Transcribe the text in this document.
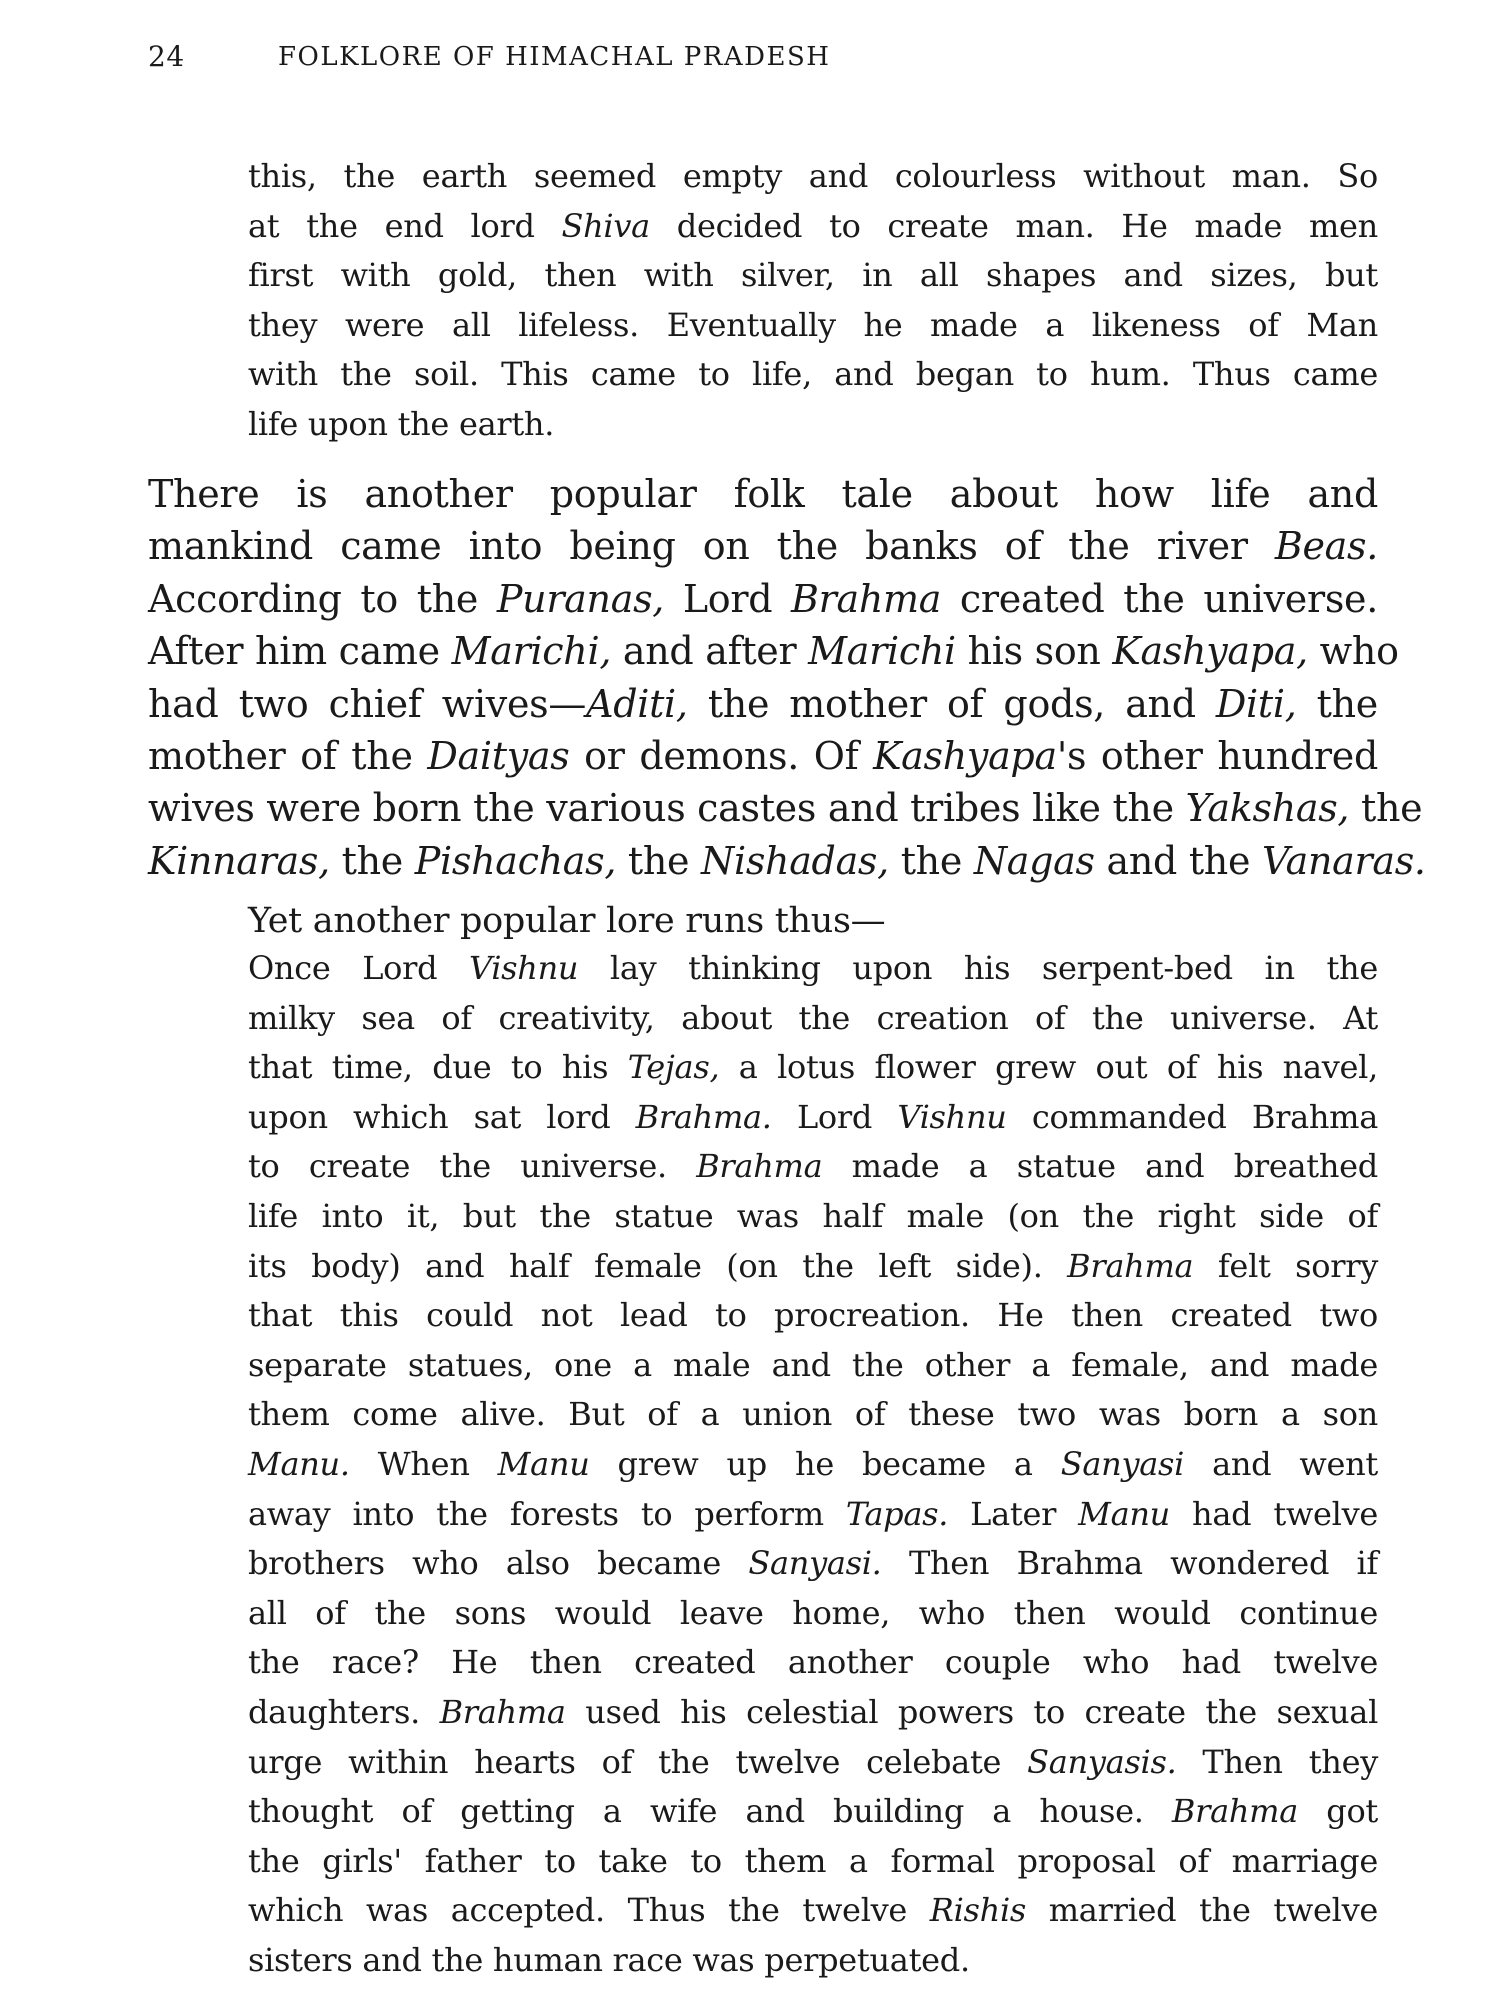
24	FOLKLORE OF HIMACHAL PRADESH
this, the earth seemed empty and colourless without man. So
at the end lord Shiva decided to create man. He made men
first with gold, then with silver, in all shapes and sizes, but
they were all lifeless. Eventually he made a likeness of Man
with the soil. This came to life, and began to hum. Thus came
life upon the earth.
There is another popular folk tale about how life and
mankind came into being on the banks of the river Beas.
According to the Puranas, Lord Brahma created the universe.
After him came Marichi, and after Marichi his son Kashyapa, who
had two chief wives—Aditi, the mother of gods, and Diti, the
mother of the Daityas or demons. Of Kashyapa's other hundred
wives were born the various castes and tribes like the Yakshas, the
Kinnaras, the Pishachas, the Nishadas, the Nagas and the Vanaras.
Yet another popular lore runs thus—
Once Lord Vishnu lay thinking upon his serpent-bed in the
milky sea of creativity, about the creation of the universe. At
that time, due to his Tejas, a lotus flower grew out of his navel,
upon which sat lord Brahma. Lord Vishnu commanded Brahma
to create the universe. Brahma made a statue and breathed
life into it, but the statue was half male (on the right side of
its body) and half female (on the left side). Brahma felt sorry
that this could not lead to procreation. He then created two
separate statues, one a male and the other a female, and made
them come alive. But of a union of these two was born a son
Manu. When Manu grew up he became a Sanyasi and went
away into the forests to perform Tapas. Later Manu had twelve
brothers who also became Sanyasi. Then Brahma wondered if
all of the sons would leave home, who then would continue
the race? He then created another couple who had twelve
daughters. Brahma used his celestial powers to create the sexual
urge within hearts of the twelve celebate Sanyasis. Then they
thought of getting a wife and building a house. Brahma got
the girls' father to take to them a formal proposal of marriage
which was accepted. Thus the twelve Rishis married the twelve
sisters and the human race was perpetuated.
